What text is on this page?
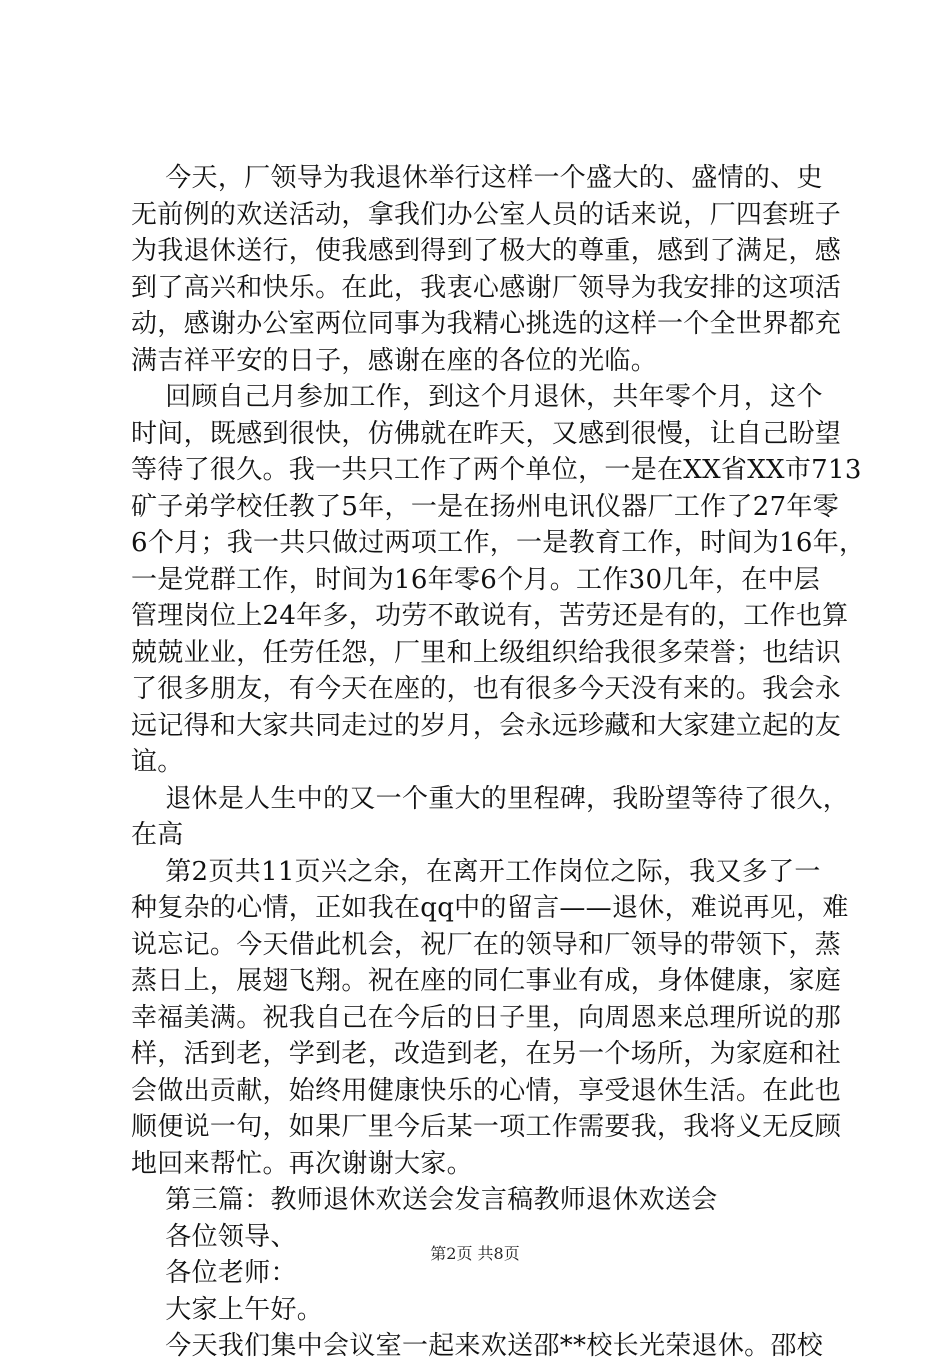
今天，厂领导为我退休举行这样一个盛大的、盛情的、史
无前例的欢送活动，拿我们办公室人员的话来说，厂四套班子
为我退休送行，使我感到得到了极大的尊重，感到了满足，感
到了高兴和快乐。在此，我衷心感谢厂领导为我安排的这项活
动，感谢办公室两位同事为我精心挑选的这样一个全世界都充
满吉祥平安的日子，感谢在座的各位的光临。
回顾自己月参加工作，到这个月退休，共年零个月，这个
时间，既感到很快，仿佛就在昨天，又感到很慢，让自己盼望
等待了很久。我一共只工作了两个单位，一是在XX省XX市713
矿子弟学校任教了5年，一是在扬州电讯仪器厂工作了27年零
6个月；我一共只做过两项工作，一是教育工作，时间为16年，
一是党群工作，时间为16年零6个月。工作30几年，在中层
管理岗位上24年多，功劳不敢说有，苦劳还是有的，工作也算
兢兢业业，任劳任怨，厂里和上级组织给我很多荣誉；也结识
了很多朋友，有今天在座的，也有很多今天没有来的。我会永
远记得和大家共同走过的岁月，会永远珍藏和大家建立起的友
谊。
退休是人生中的又一个重大的里程碑，我盼望等待了很久，
在高
第2页共11页兴之余，在离开工作岗位之际，我又多了一
种复杂的心情，正如我在qq中的留言——退休，难说再见，难
说忘记。今天借此机会，祝厂在的领导和厂领导的带领下，蒸
蒸日上，展翅飞翔。祝在座的同仁事业有成，身体健康，家庭
幸福美满。祝我自己在今后的日子里，向周恩来总理所说的那
样，活到老，学到老，改造到老，在另一个场所，为家庭和社
会做出贡献，始终用健康快乐的心情，享受退休生活。在此也
顺便说一句，如果厂里今后某一项工作需要我，我将义无反顾
地回来帮忙。再次谢谢大家。
第三篇：教师退休欢送会发言稿教师退休欢送会
各位领导、
各位老师：
大家上午好。
今天我们集中会议室一起来欢送邵**校长光荣退休。邵校
第2页 共8页
